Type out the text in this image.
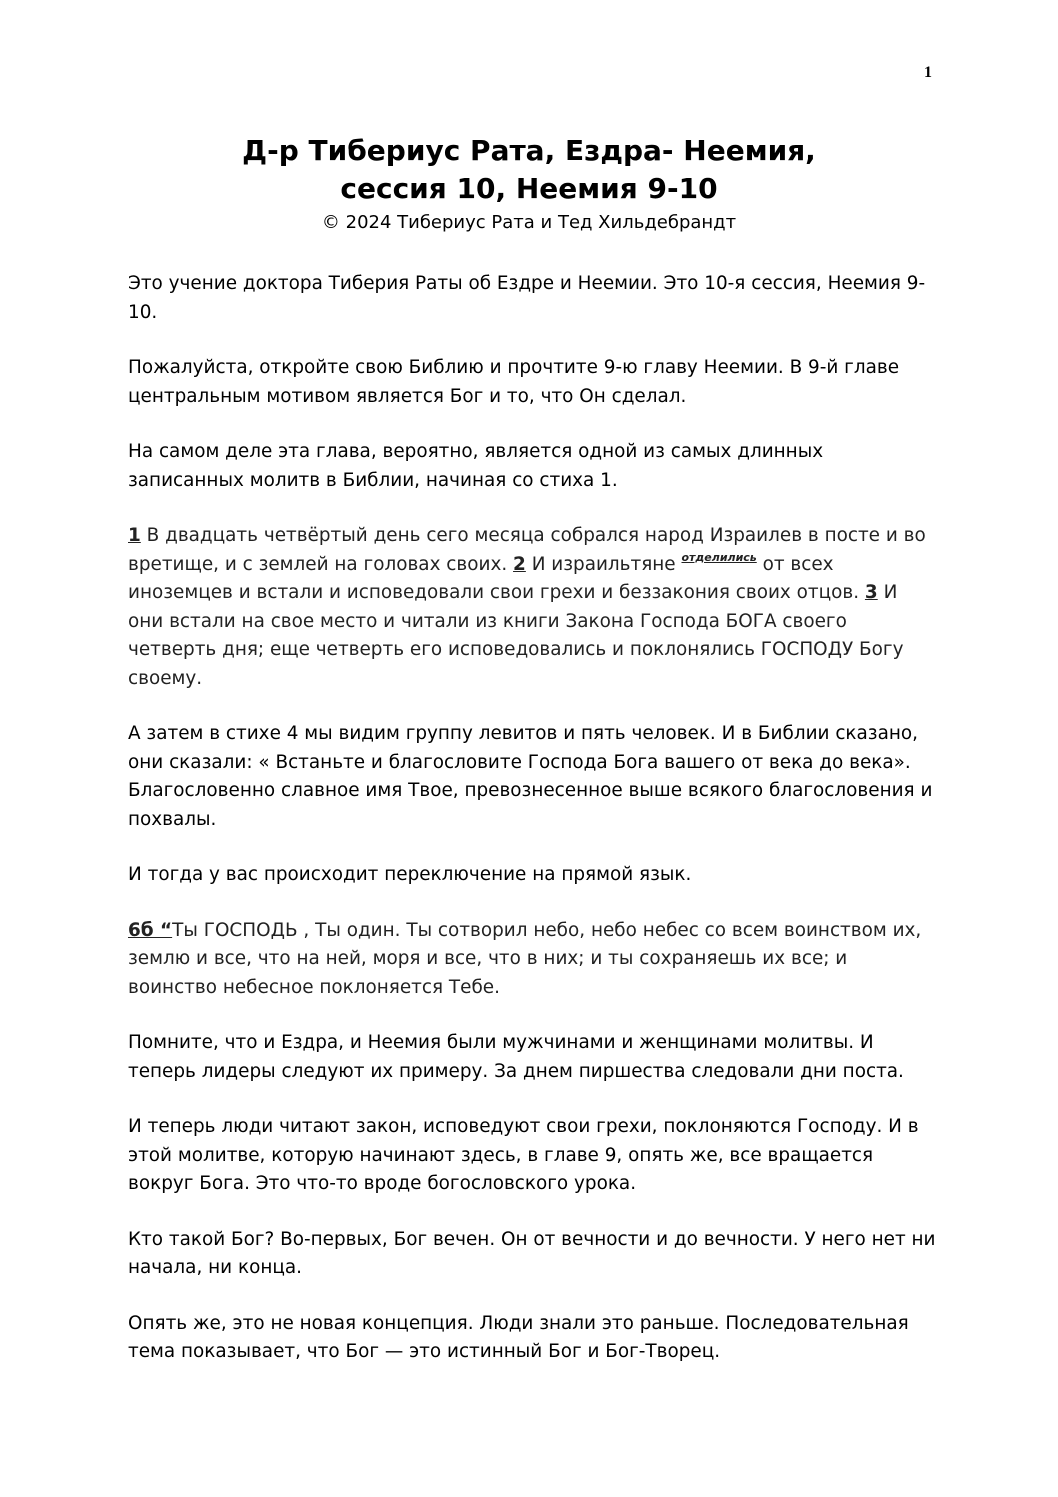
1
Д-р Тибериус Рата, Ездра- Неемия,
сессия 10, Неемия 9-10
© 2024 Тибериус Рата и Тед Хильдебрандт

Это учение доктора Тиберия Раты об Ездре и Неемии. Это 10-я сессия, Неемия 9-10.

Пожалуйста, откройте свою Библию и прочтите 9-ю главу Неемии. В 9-й главе центральным мотивом является Бог и то, что Он сделал.

На самом деле эта глава, вероятно, является одной из самых длинных записанных молитв в Библии, начиная со стиха 1.

1 В двадцать четвёртый день сего месяца собрался народ Израилев в посте и во вретище, и с землей на головах своих. 2 И израильтяне $^{отделились}$ от всех иноземцев и встали и исповедовали свои грехи и беззакония своих отцов. 3 И они встали на свое место и читали из книги Закона Господа БОГА своего четверть дня; еще четверть его исповедовались и поклонялись ГОСПОДУ Богу своему.

А затем в стихе 4 мы видим группу левитов и пять человек. И в Библии сказано, они сказали: « Встаньте и благословите Господа Бога вашего от века до века». Благословенно славное имя Твое, превознесенное выше всякого благословения и похвалы.

И тогда у вас происходит переключение на прямой язык.

6б “Ты ГОСПОДЬ , Ты один. Ты сотворил небо, небо небес со всем воинством их, землю и все, что на ней, моря и все, что в них; и ты сохраняешь их все; и воинство небесное поклоняется Тебе.

Помните, что и Ездра, и Неемия были мужчинами и женщинами молитвы. И теперь лидеры следуют их примеру. За днем пиршества следовали дни поста.

И теперь люди читают закон, исповедуют свои грехи, поклоняются Господу. И в этой молитве, которую начинают здесь, в главе 9, опять же, все вращается вокруг Бога. Это что-то вроде богословского урока.

Кто такой Бог? Во-первых, Бог вечен. Он от вечности и до вечности. У него нет ни начала, ни конца.

Опять же, это не новая концепция. Люди знали это раньше. Последовательная тема показывает, что Бог — это истинный Бог и Бог-Творец.
